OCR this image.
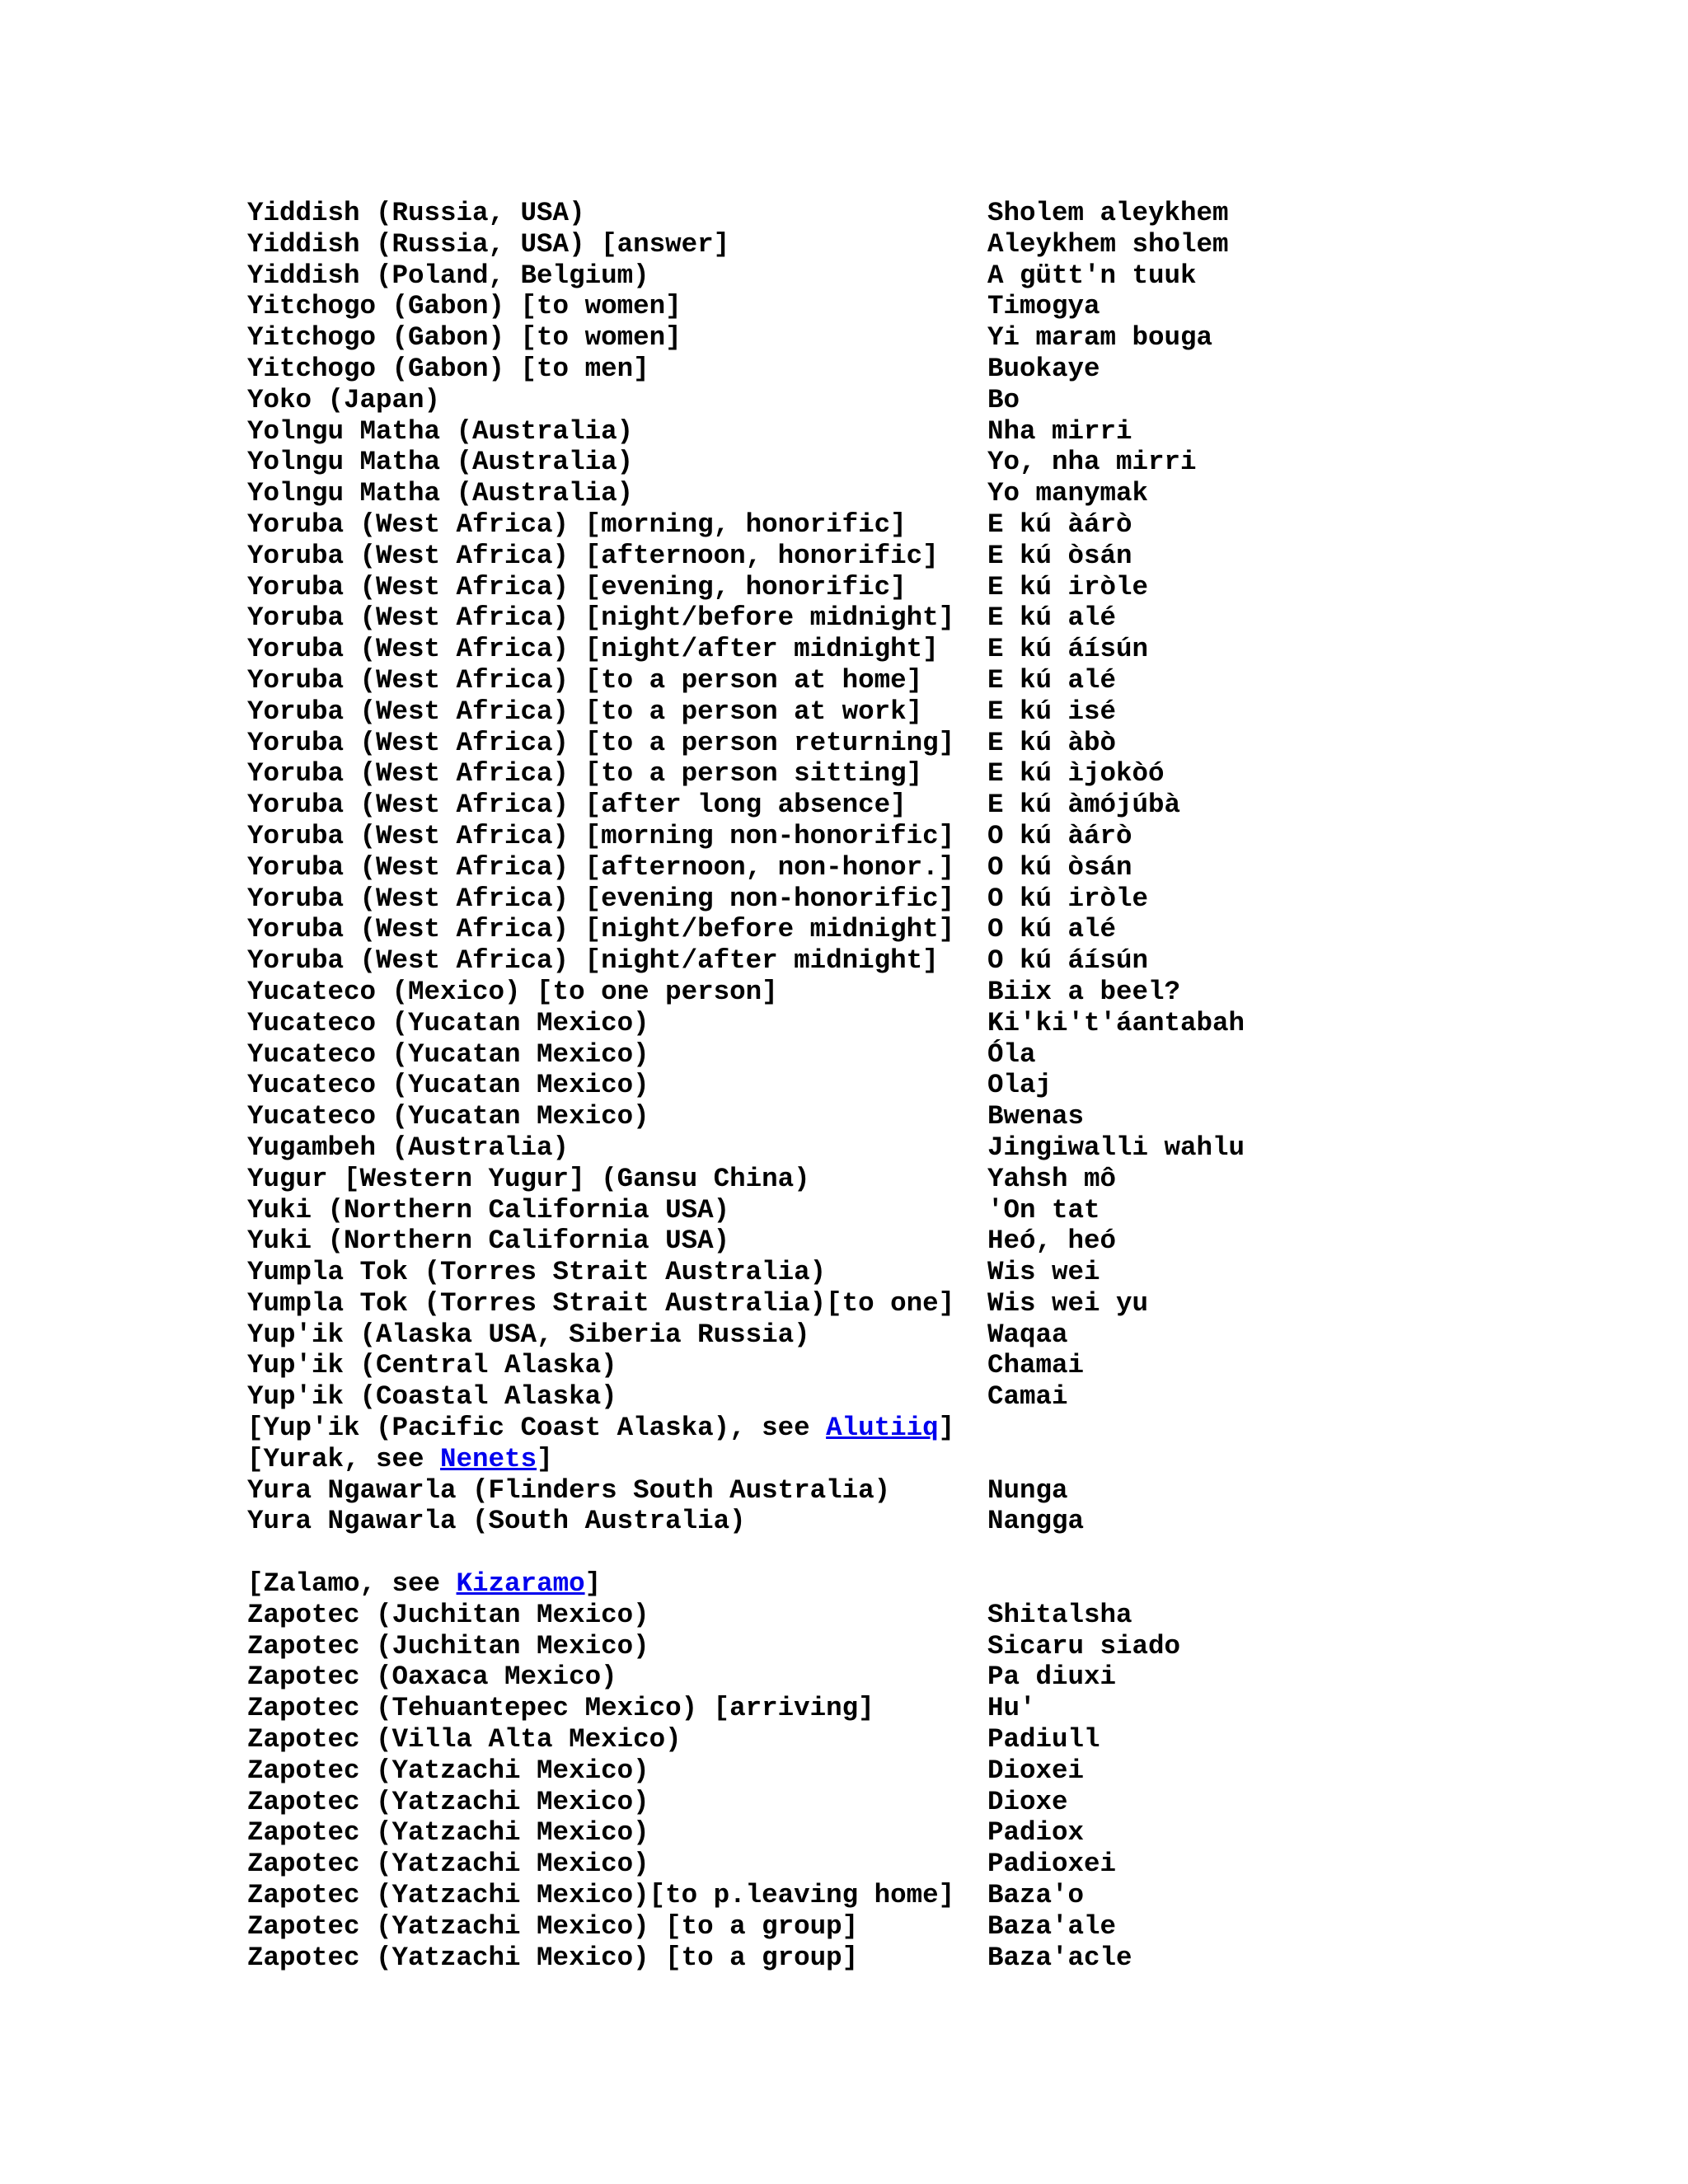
Yiddish (Russia, USA)	Sholem aleykhem
Yiddish (Russia, USA) [answer]	Aleykhem sholem
Yiddish (Poland, Belgium)	A gütt'n tuuk
Yitchogo (Gabon) [to women]	Timogya
Yitchogo (Gabon) [to women]	Yi maram bouga
Yitchogo (Gabon) [to men]	Buokaye
Yoko (Japan)	Bo
Yolngu Matha (Australia)	Nha mirri
Yolngu Matha (Australia)	Yo, nha mirri
Yolngu Matha (Australia)	Yo manymak
Yoruba (West Africa) [morning, honorific]	E kú àárò
Yoruba (West Africa) [afternoon, honorific]	E kú òsán
Yoruba (West Africa) [evening, honorific]	E kú iròle
Yoruba (West Africa) [night/before midnight]	E kú alé
Yoruba (West Africa) [night/after midnight]	E kú áísún
Yoruba (West Africa) [to a person at home]	E kú alé
Yoruba (West Africa) [to a person at work]	E kú isé
Yoruba (West Africa) [to a person returning]	E kú àbò
Yoruba (West Africa) [to a person sitting]	E kú ìjokòó
Yoruba (West Africa) [after long absence]	E kú àmójúbà
Yoruba (West Africa) [morning non-honorific]	O kú àárò
Yoruba (West Africa) [afternoon, non-honor.]	O kú òsán
Yoruba (West Africa) [evening non-honorific]	O kú iròle
Yoruba (West Africa) [night/before midnight]	O kú alé
Yoruba (West Africa) [night/after midnight]	O kú áísún
Yucateco (Mexico) [to one person]	Biix a beel?
Yucateco (Yucatan Mexico)	Ki'ki't'áantabah
Yucateco (Yucatan Mexico)	Óla
Yucateco (Yucatan Mexico)	Olaj
Yucateco (Yucatan Mexico)	Bwenas
Yugambeh (Australia)	Jingiwalli wahlu
Yugur [Western Yugur] (Gansu China)	Yahsh mô
Yuki (Northern California USA)	'On tat
Yuki (Northern California USA)	Heó, heó
Yumpla Tok (Torres Strait Australia)	Wis wei
Yumpla Tok (Torres Strait Australia)[to one]	Wis wei yu
Yup'ik (Alaska USA, Siberia Russia)	Waqaa
Yup'ik (Central Alaska)	Chamai
Yup'ik (Coastal Alaska)	Camai
[Yup'ik (Pacific Coast Alaska), see Alutiiq ]
[Yurak, see Nenets ]
Yura Ngawarla (Flinders South Australia)	Nunga
Yura Ngawarla (South Australia)	Nangga
[Zalamo, see Kizaramo ]
Zapotec (Juchitan Mexico)	Shitalsha
Zapotec (Juchitan Mexico)	Sicaru siado
Zapotec (Oaxaca Mexico)	Pa diuxi
Zapotec (Tehuantepec Mexico) [arriving]	Hu'
Zapotec (Villa Alta Mexico)	Padiull
Zapotec (Yatzachi Mexico)	Dioxei
Zapotec (Yatzachi Mexico)	Dioxe
Zapotec (Yatzachi Mexico)	Padiox
Zapotec (Yatzachi Mexico)	Padioxei
Zapotec (Yatzachi Mexico)[to p.leaving home]	Baza'o
Zapotec (Yatzachi Mexico) [to a group]	Baza'ale
Zapotec (Yatzachi Mexico) [to a group]	Baza'acle
